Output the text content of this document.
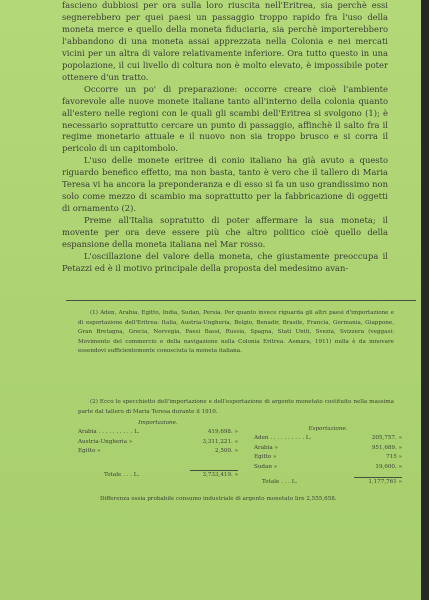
fascieno dubbiosi per ora sulla loro riuscita nell'Eritrea, sia perchè essi segnerebbero per quei paesi un passaggio troppo rapido fra l'uso della moneta merce e quello della moneta fiduciaria, sia perchè importerebbero l'abbandono di una moneta assai apprezzata nella Colonia e nei mercati vicini per un altra di valore relativamente inferiore. Ora tutto questo in una popolazione, il cui livello di coltura non è molto elevato, è impossibile poter ottenere d'un tratto.

Occorre un po' di preparazione: occorre creare cioè l'ambiente favorevole alle nuove monete italiane tanto all'interno della colonia quanto all'estero nelle regioni con le quali gli scambi dell'Eritrea si svolgono (1); è necessario soprattutto cercare un punto di passaggio, affinchè il salto fra il regime monetario attuale e il nuovo non sia troppo brusco e si corra il pericolo di un capitombolo.

L'uso delle monete eritree di conio italiano ha già avuto a questo riguardo benefico effetto, ma non basta, tanto è vero che il tallero di Maria Teresa vi ha ancora la preponderanza e di esso si fa un uso grandissimo non solo come mezzo di scambio ma soprattutto per la fabbricazione di oggetti di ornamento (2).

Preme all'Italia sopratutto di poter affermare la sua moneta; il movente per ora deve essere più che altro politico cioè quello della espansione della moneta italiana nel Mar rosso.

L'oscillazione del valore della moneta, che giustamente preoccupa il Petazzi ed è il motivo principale della proposta del medesimo avan-

(1) Aden, Arabia, Egitto, India, Sudan, Persia. Per quanto invece riguarda gli altri paesi d'importazione e di esportazione dell'Eritrea: Italia, Austria-Ungheria, Belgio, Benadir, Brasile, Francia, Germania, Giappone, Gran Bretagna, Grecia, Norvegia, Paesi Bassi, Russia, Spagna, Stati Uniti, Svezia, Svizzera (veggasi: Movimento del commercio e della navigazione nella Colonia Eritrea. Asmara, 1911) nulla è da innovare essendovi sufficientemente conosciuta la moneta italiana.

(2) Ecco lo specchietto dell'importazione e dell'esportazione di argento monetato costituito nella massima parte dal tallero di Maria Teresa durante il 1910.

Importazione.
Arabia . . . . . . . . . . L.	419,698. »
Austria-Ungheria »	3,311,221. »
Egitto »	2,500. »
Totale . . . L.	3,733,419. »
Esportazione.
Aden . . . . . . . . . . L.	205,757. »
Arabia »	951,689. »
Egitto »	715 »
Sudan »	19,600. »
Totale . . . L.	1,177,761 »
Differenza ossia probabile consumo industriale di argento monetato lire 2,555,658.
